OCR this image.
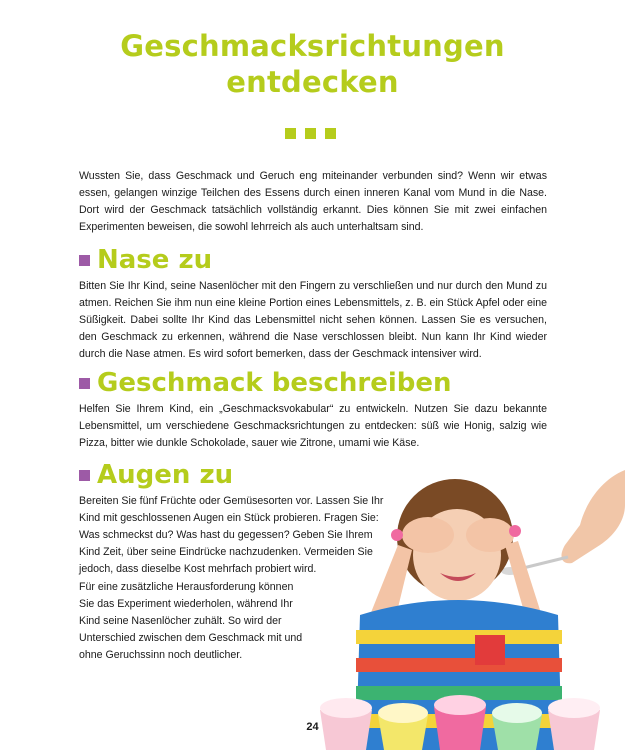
Geschmacksrichtungen
entdecken

Wussten Sie, dass Geschmack und Geruch eng miteinander verbunden sind? Wenn wir etwas essen, gelangen winzige Teilchen des Essens durch einen inneren Kanal vom Mund in die Nase. Dort wird der Geschmack tatsächlich vollständig erkannt. Dies können Sie mit zwei einfachen Experimenten beweisen, die sowohl lehrreich als auch unterhaltsam sind.

Nase zu

Bitten Sie Ihr Kind, seine Nasenlöcher mit den Fingern zu verschließen und nur durch den Mund zu atmen. Reichen Sie ihm nun eine kleine Portion eines Lebensmittels, z. B. ein Stück Apfel oder eine Süßigkeit. Dabei sollte Ihr Kind das Lebensmittel nicht sehen können. Lassen Sie es versuchen, den Geschmack zu erkennen, während die Nase verschlossen bleibt. Nun kann Ihr Kind wieder durch die Nase atmen. Es wird sofort bemerken, dass der Geschmack intensiver wird.

Geschmack beschreiben

Helfen Sie Ihrem Kind, ein „Geschmacksvokabular“ zu entwickeln. Nutzen Sie dazu bekannte Lebensmittel, um verschiedene Geschmacksrichtungen zu entdecken: süß wie Honig, salzig wie Pizza, bitter wie dunkle Schokolade, sauer wie Zitrone, umami wie Käse.

Augen zu

Bereiten Sie fünf Früchte oder Gemüsesorten vor. Lassen Sie Ihr Kind mit geschlossenen Augen ein Stück probieren. Fragen Sie: Was schmeckst du? Was hast du gegessen? Geben Sie Ihrem Kind Zeit, über seine Eindrücke nachzudenken. Vermeiden Sie jedoch, dass dieselbe Kost mehrfach probiert wird.

Für eine zusätzliche Herausforderung können Sie das Experiment wiederholen, während Ihr Kind seine Nasenlöcher zuhält. So wird der Unterschied zwischen dem Geschmack mit und ohne Geruchssinn noch deutlicher.

24
